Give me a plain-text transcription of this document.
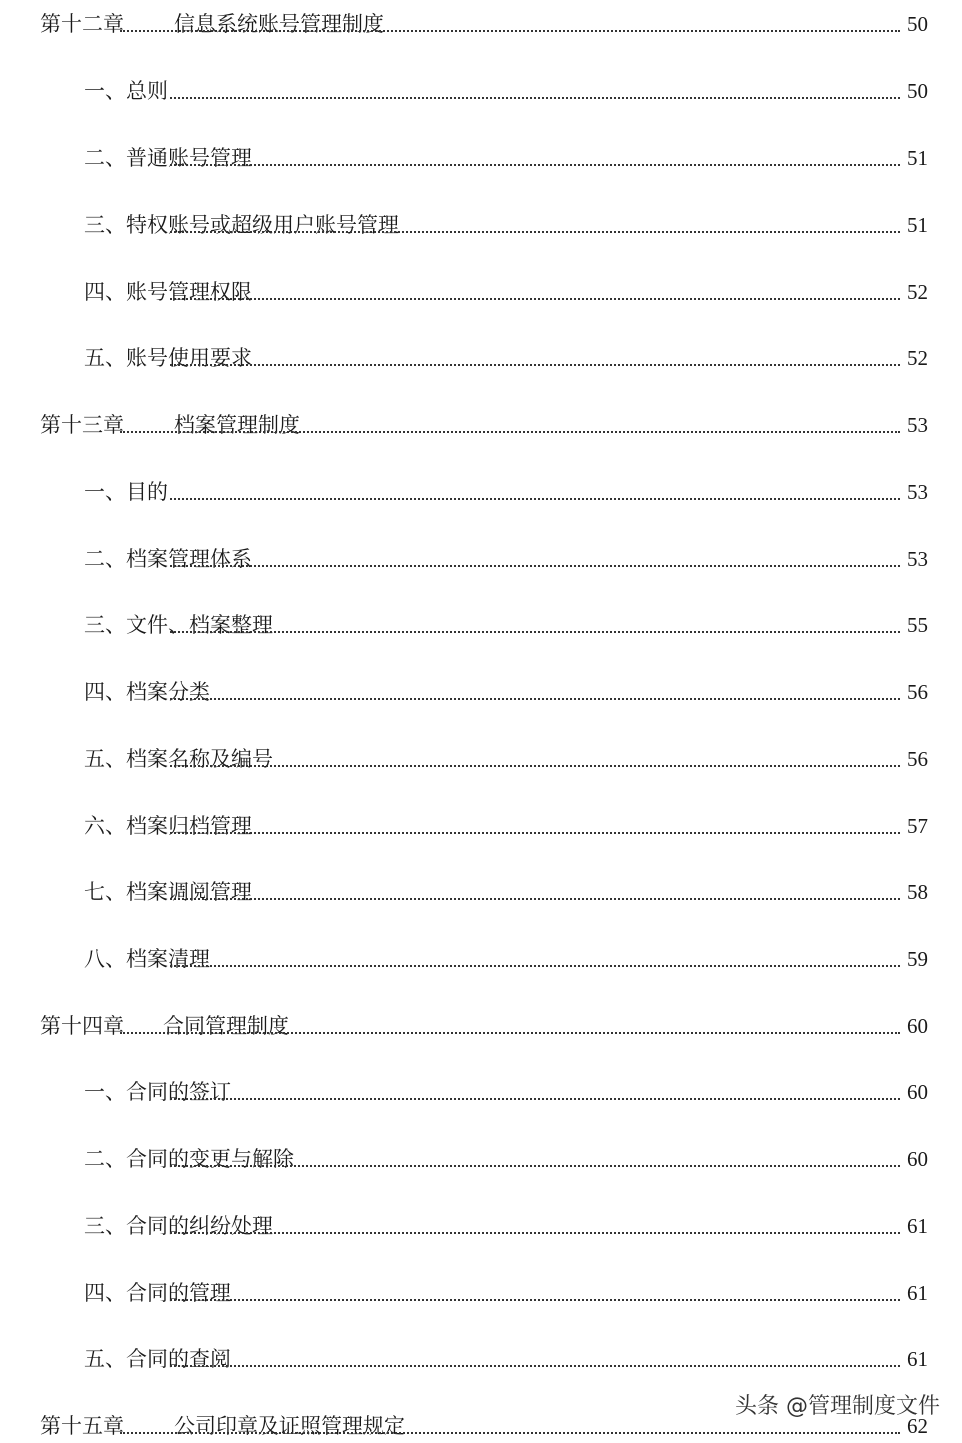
第十二章 信息系统账号管理制度	50
一、总则	50
二、普通账号管理	51
三、特权账号或超级用户账号管理	51
四、账号管理权限	52
五、账号使用要求	52
第十三章 档案管理制度	53
一、目的	53
二、档案管理体系	53
三、文件、档案整理	55
四、档案分类	56
五、档案名称及编号	56
六、档案归档管理	57
七、档案调阅管理	58
八、档案清理	59
第十四章 合同管理制度	60
一、合同的签订	60
二、合同的变更与解除	60
三、合同的纠纷处理	61
四、合同的管理	61
五、合同的查阅	61
第十五章 公司印章及证照管理规定	62
头条 @管理制度文件
